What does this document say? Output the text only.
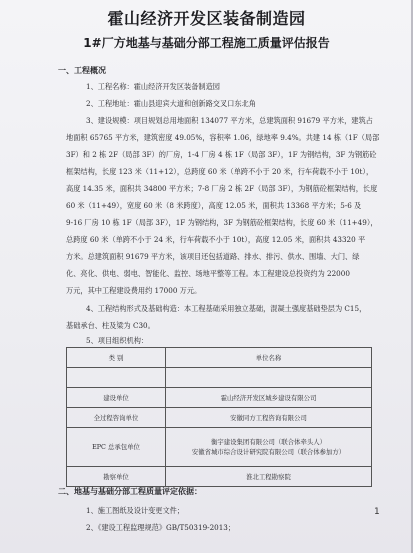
霍山经济开发区装备制造园
1#厂方地基与基础分部工程施工质量评估报告
一、工程概况
1、工程名称：霍山经济开发区装备制造园
2、工程地址：霍山县迎宾大道和创新路交叉口东北角
3、建设规模：项目规划总用地面积 134077 平方米，总建筑面积 91679 平方米，建筑占
地面积 65765 平方米，建筑密度 49.05%，容积率 1.06，绿地率 9.4%。共建 14 栋（1F（局部
3F）和 2 栋 2F（局部 3F）的厂房，1-4 厂房 4 栋 1F（局部 3F），1F 为钢结构，3F 为钢筋砼
框架结构，长度 123 米（11+12），总跨度 60 米（单跨不小于 20 米，行车荷载不小于 10t），
高度 14.35 米，面积共 34800 平方米；7-8 厂房 2 栋 2F（局部 3F），为钢筋砼框架结构，长度
60 米（11+49），宽度 60 米（8 米跨度），高度 12.05 米，面积共 13368 平方米；5-6 及
9-16 厂房 10 栋 1F（局部 3F），1F 为钢结构，3F 为钢筋砼框架结构，长度 60 米（11+49），
总跨度 60 米（单跨不小于 24 米，行车荷载不小于 10t），高度 12.05 米，面积共 43320 平
方米。总建筑面积 91679 平方米，该项目还包括道路、排水、排污、供水、围墙、大门、绿
化、亮化、供电、弱电、智能化、监控、场地平整等工程。本工程建设总投资约为 22000
万元，其中工程建设费用约 17000 万元。
4、工程结构形式及基础构造：本工程基础采用独立基础，混凝土强度基础垫层为 C15，
基础承台、柱及梁为 C30。
5、项目组织机构：
类 别	单位名称

建设单位	霍山经济开发区城乡建设有限公司
全过程咨询单位	安徽同方工程咨询有限公司
EPC 总承包单位	衡宇建设集团有限公司（联合体牵头人）
安徽省城市综合设计研究院有限公司（联合体参加方）

勘察单位	淮北工程勘察院
二、地基与基础分部工程质量评定依据：
1、施工图纸及设计变更文件；
2、《建设工程监理规范》GB/T50319-2013；
1
